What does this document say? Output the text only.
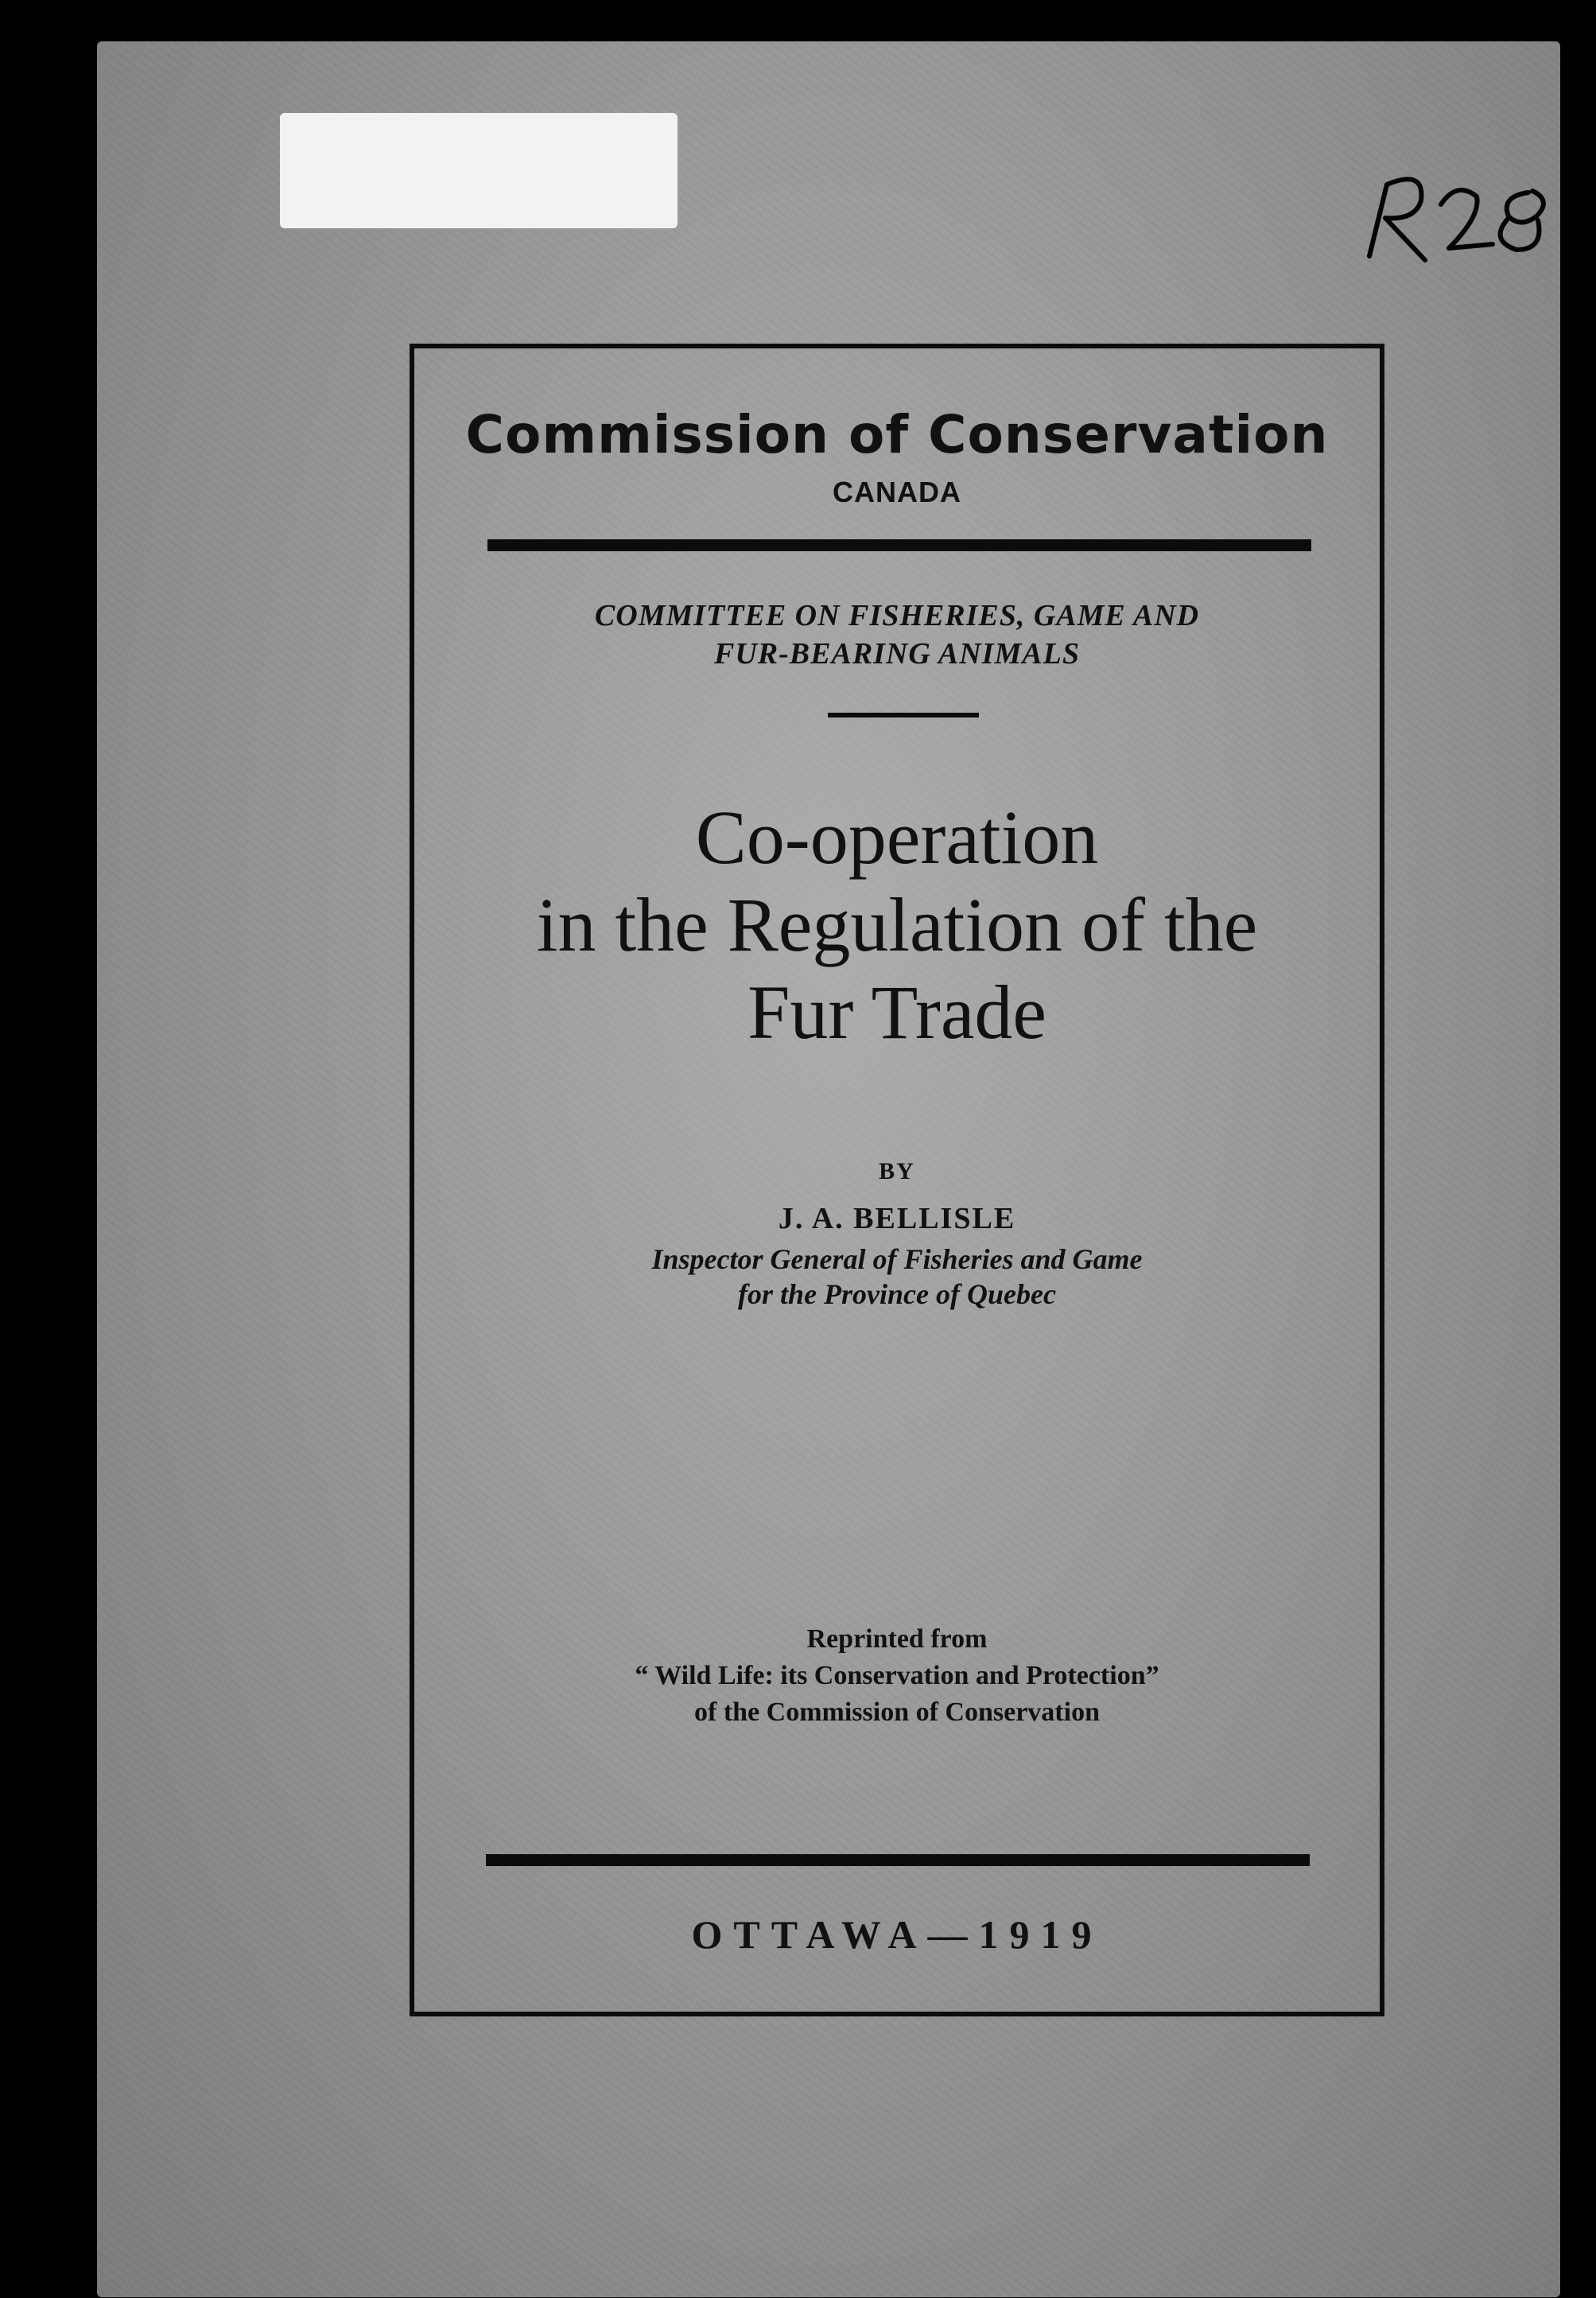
Commission of Conservation
CANADA
COMMITTEE ON FISHERIES, GAME AND
FUR-BEARING ANIMALS
Co-operation
in the Regulation of the
Fur Trade
BY
J. A. BELLISLE
Inspector General of Fisheries and Game
for the Province of Quebec
Reprinted from
“ Wild Life: its Conservation and Protection”
of the Commission of Conservation
OTTAWA—1919
